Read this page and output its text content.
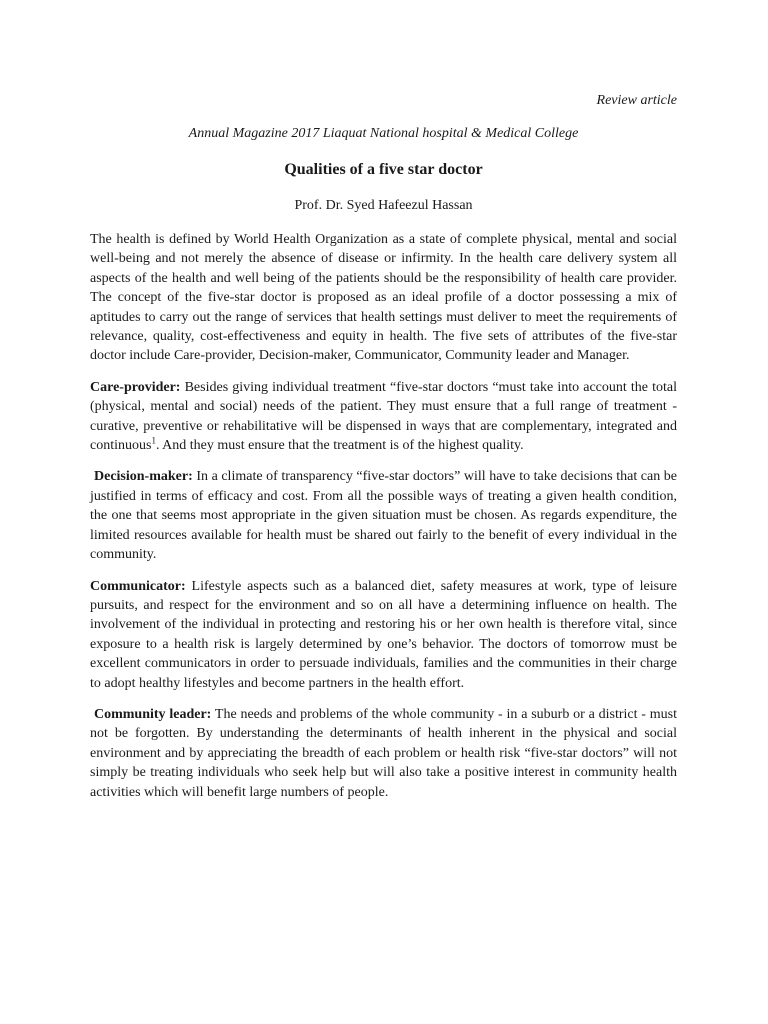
Review article
Annual Magazine 2017 Liaquat National hospital & Medical College
Qualities of a five star doctor
Prof. Dr. Syed Hafeezul Hassan

The health is defined by World Health Organization as a state of complete physical, mental and social well-being and not merely the absence of disease or infirmity. In the health care delivery system all aspects of the health and well being of the patients should be the responsibility of health care provider. The concept of the five-star doctor is proposed as an ideal profile of a doctor possessing a mix of aptitudes to carry out the range of services that health settings must deliver to meet the requirements of relevance, quality, cost-effectiveness and equity in health. The five sets of attributes of the five-star doctor include Care-provider, Decision-maker, Communicator, Community leader and Manager.

Care-provider: Besides giving individual treatment “five-star doctors “must take into account the total (physical, mental and social) needs of the patient. They must ensure that a full range of treatment - curative, preventive or rehabilitative will be dispensed in ways that are complementary, integrated and continuous$^1$. And they must ensure that the treatment is of the highest quality.

Decision-maker: In a climate of transparency “five-star doctors” will have to take decisions that can be justified in terms of efficacy and cost. From all the possible ways of treating a given health condition, the one that seems most appropriate in the given situation must be chosen. As regards expenditure, the limited resources available for health must be shared out fairly to the benefit of every individual in the community.

Communicator: Lifestyle aspects such as a balanced diet, safety measures at work, type of leisure pursuits, and respect for the environment and so on all have a determining influence on health. The involvement of the individual in protecting and restoring his or her own health is therefore vital, since exposure to a health risk is largely determined by one’s behavior. The doctors of tomorrow must be excellent communicators in order to persuade individuals, families and the communities in their charge to adopt healthy lifestyles and become partners in the health effort.

Community leader: The needs and problems of the whole community - in a suburb or a district - must not be forgotten. By understanding the determinants of health inherent in the physical and social environment and by appreciating the breadth of each problem or health risk “five-star doctors” will not simply be treating individuals who seek help but will also take a positive interest in community health activities which will benefit large numbers of people.
